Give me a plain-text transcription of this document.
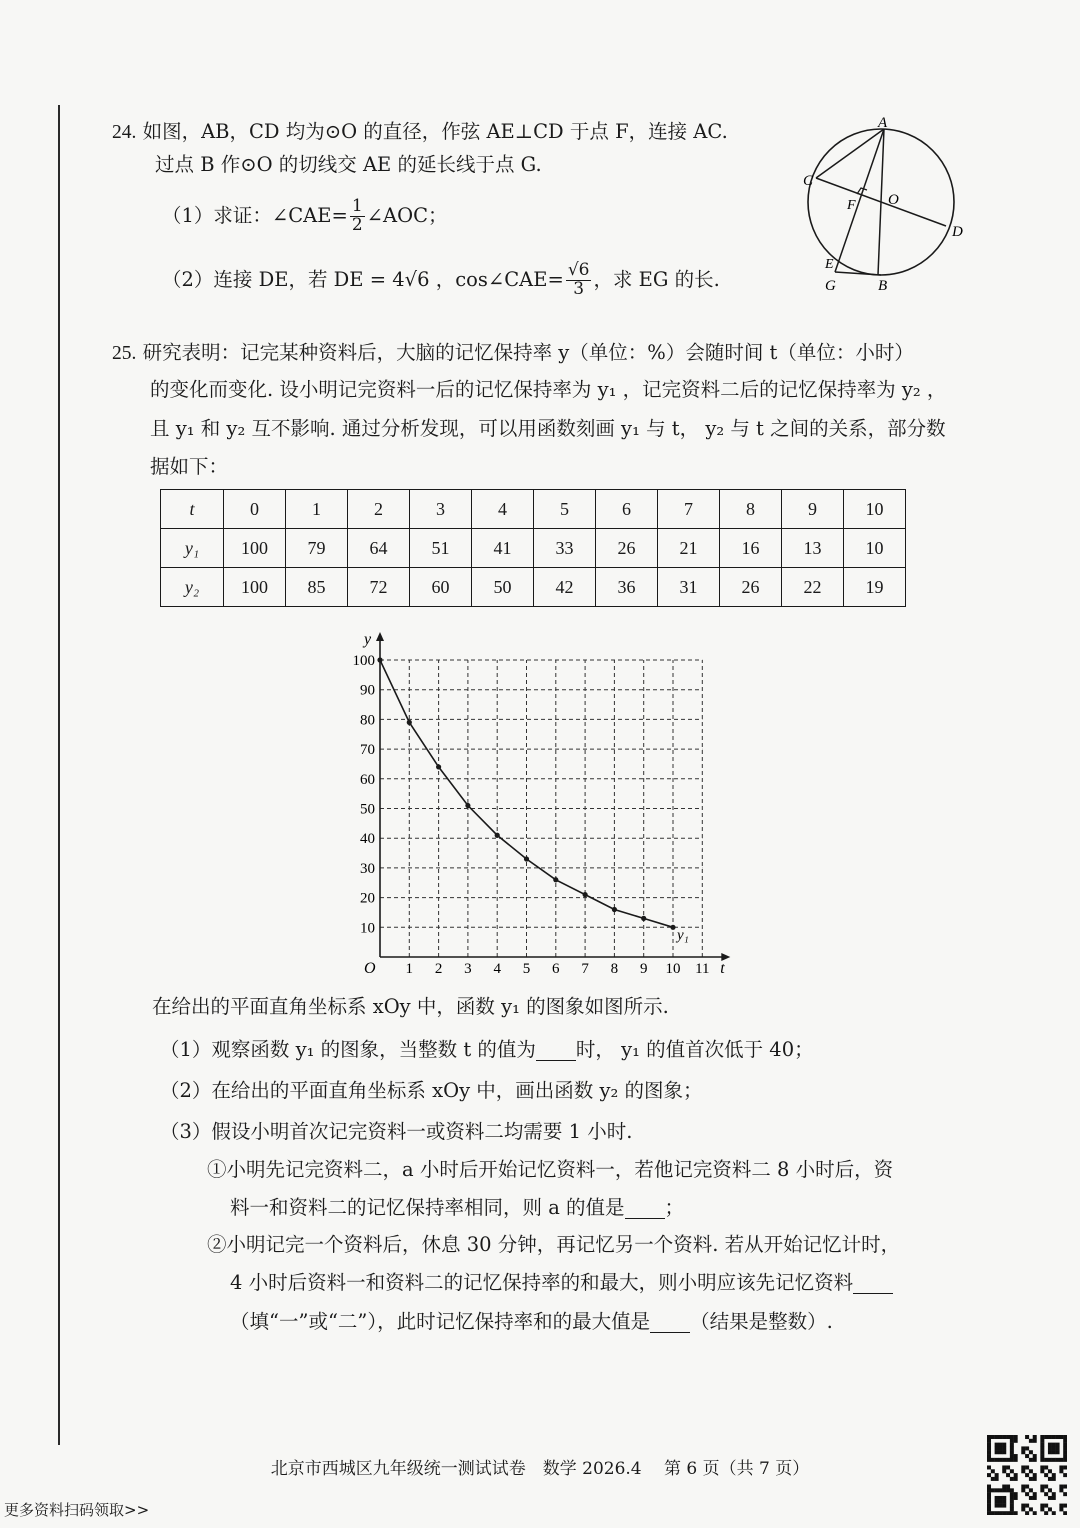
24. 如图，AB，CD 均为⊙O 的直径，作弦 AE⊥CD 于点 F，连接 AC.
过点 B 作⊙O 的切线交 AE 的延长线于点 G.
（1）求证：∠CAE= $\frac{1}{2}$ ∠AOC；
（2）连接 DE，若 DE = 4√6 ，cos∠CAE= $\frac{√6}{3}$ ，求 EG 的长.
A
C
F O
D
E
G	B
25. 研究表明：记完某种资料后，大脑的记忆保持率 y（单位：%）会随时间 t（单位：小时）
的变化而变化. 设小明记完资料一后的记忆保持率为 y₁ ，记完资料二后的记忆保持率为 y₂ ，
且 y₁ 和 y₂ 互不影响. 通过分析发现，可以用函数刻画 y₁ 与 t， y₂ 与 t 之间的关系，部分数
据如下：
t	0	1	2	3	4	5	6	7	8	9	10
y₁	100	79	64	51	41	33	26	21	16	13	10
y₂	100	85	72	60	50	42	36	31	26	22	19
1 2 3 4 5 6 7 8 9 10 11
10
20
30
40
50
60
70
80
90
100
t
y
O
y₁
在给出的平面直角坐标系 xOy 中，函数 y₁ 的图象如图所示.
（1）观察函数 y₁ 的图象，当整数 t 的值为 时， y₁ 的值首次低于 40；
（2）在给出的平面直角坐标系 xOy 中，画出函数 y₂ 的图象；
（3）假设小明首次记完资料一或资料二均需要 1 小时.
①小明先记完资料二，a 小时后开始记忆资料一，若他记完资料二 8 小时后，资
料一和资料二的记忆保持率相同，则 a 的值是 ；
②小明记完一个资料后，休息 30 分钟，再记忆另一个资料. 若从开始记忆计时，
4 小时后资料一和资料二的记忆保持率的和最大，则小明应该先记忆资料
（填“一”或“二”），此时记忆保持率和的最大值是 （结果是整数）.
北京市西城区九年级统一测试试卷　数学 2026.4　 第 6 页（共 7 页）
更多资料扫码领取>>
